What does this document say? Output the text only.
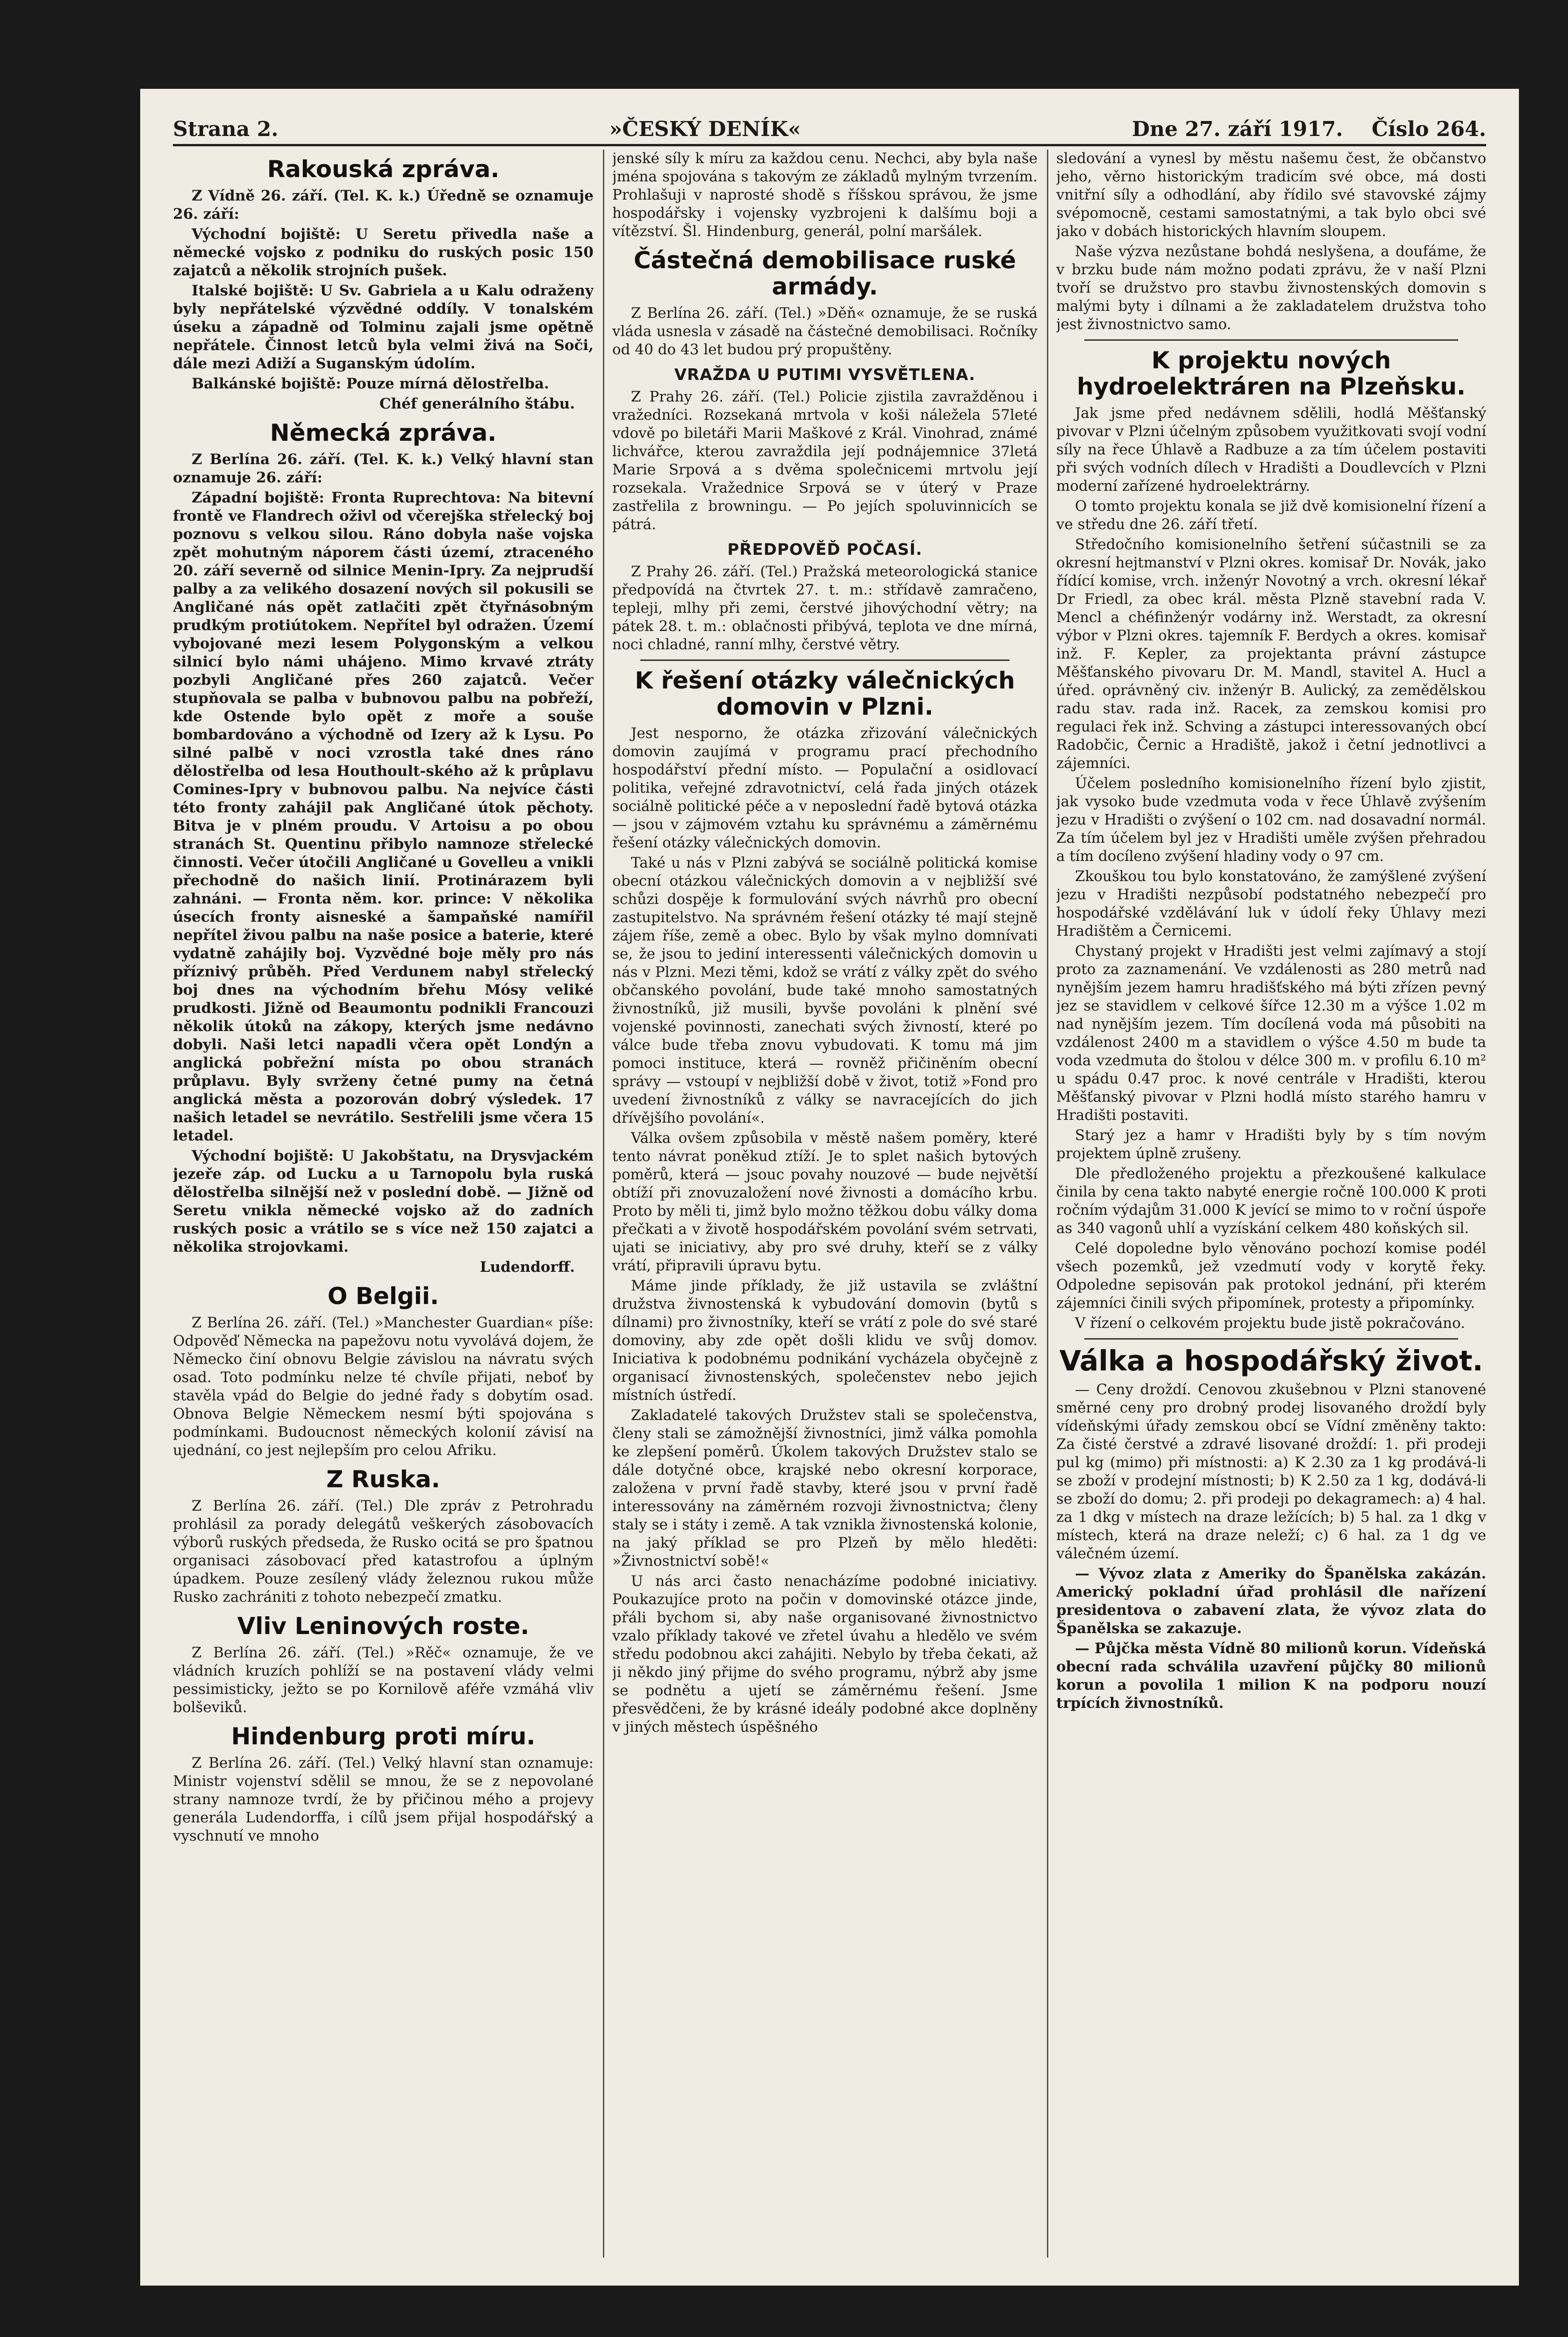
Strana 2.	»ČESKÝ DENÍK«	Dne 27. září 1917. Číslo 264.
Rakouská zpráva.

Z Vídně 26. září. (Tel. K. k.) Úředně se oznamuje 26. září:

Východní bojiště: U Seretu přivedla naše a německé vojsko z podniku do ruských posic 150 zajatců a několik strojních pušek.

Italské bojiště: U Sv. Gabriela a u Kalu odraženy byly nepřátelské výzvědné oddíly. V tonalském úseku a západně od Tolminu zajali jsme opětně nepřátele. Činnost letců byla velmi živá na Soči, dále mezi Adiží a Suganským údolím.

Balkánské bojiště: Pouze mírná dělostřelba.

Chéf generálního štábu.

Německá zpráva.

Z Berlína 26. září. (Tel. K. k.) Velký hlavní stan oznamuje 26. září:

Západní bojiště: Fronta Ruprechtova: Na bitevní frontě ve Flandrech oživl od včerejška střelecký boj poznovu s velkou silou. Ráno dobyla naše vojska zpět mohutným náporem části území, ztraceného 20. září severně od silnice Menin-Ipry. Za nejprudší palby a za velikého dosazení nových sil pokusili se Angličané nás opět zatlačiti zpět čtyřnásobným prudkým protiútokem. Nepřítel byl odražen. Území vybojované mezi lesem Polygonským a velkou silnicí bylo námi uhájeno. Mimo krvavé ztráty pozbyli Angličané přes 260 zajatců. Večer stupňovala se palba v bubnovou palbu na pobřeží, kde Ostende bylo opět z moře a souše bombardováno a východně od Izery až k Lysu. Po silné palbě v noci vzrostla také dnes ráno dělostřelba od lesa Houthoult-ského až k průplavu Comines-Ipry v bubnovou palbu. Na nejvíce části této fronty zahájil pak Angličané útok pěchoty. Bitva je v plném proudu. V Artoisu a po obou stranách St. Quentinu přibylo namnoze střelecké činnosti. Večer útočili Angličané u Govelleu a vnikli přechodně do našich linií. Protinárazem byli zahnáni. — Fronta něm. kor. prince: V několika úsecích fronty aisneské a šampaňské namířil nepřítel živou palbu na naše posice a baterie, které vydatně zahájily boj. Vyzvědné boje měly pro nás příznivý průběh. Před Verdunem nabyl střelecký boj dnes na východním břehu Mósy veliké prudkosti. Jižně od Beaumontu podnikli Francouzi několik útoků na zákopy, kterých jsme nedávno dobyli. Naši letci napadli včera opět Londýn a anglická pobřežní místa po obou stranách průplavu. Byly svrženy četné pumy na četná anglická města a pozorován dobrý výsledek. 17 našich letadel se nevrátilo. Sestřelili jsme včera 15 letadel.

Východní bojiště: U Jakobštatu, na Drysvjackém jezeře záp. od Lucku a u Tarnopolu byla ruská dělostřelba silnější než v poslední době. — Jižně od Seretu vnikla německé vojsko až do zadních ruských posic a vrátilo se s více než 150 zajatci a několika strojovkami.

Ludendorff.

O Belgii.

Z Berlína 26. září. (Tel.) »Manchester Guardian« píše: Odpověď Německa na papežovu notu vyvolává dojem, že Německo činí obnovu Belgie závislou na návratu svých osad. Toto podmínku nelze té chvíle přijati, neboť by stavěla vpád do Belgie do jedné řady s dobytím osad. Obnova Belgie Německem nesmí býti spojována s podmínkami. Budoucnost německých kolonií závisí na ujednání, co jest nejlepším pro celou Afriku.

Z Ruska.

Z Berlína 26. září. (Tel.) Dle zpráv z Petrohradu prohlásil za porady delegátů veškerých zásobovacích výborů ruských předseda, že Rusko ocitá se pro špatnou organisaci zásobovací před katastrofou a úplným úpadkem. Pouze zesílený vlády železnou rukou může Rusko zachrániti z tohoto nebezpečí zmatku.

Vliv Leninových roste.

Z Berlína 26. září. (Tel.) »Rěč« oznamuje, že ve vládních kruzích pohlíží se na postavení vlády velmi pessimisticky, ježto se po Kornilově aféře vzmáhá vliv bolševiků.

Hindenburg proti míru.

Z Berlína 26. září. (Tel.) Velký hlavní stan oznamuje: Ministr vojenství sdělil se mnou, že se z nepovolané strany namnoze tvrdí, že by přičinou mého a projevy generála Ludendorffa, i cílů jsem přijal hospodářský a vyschnutí ve mnoho

jenské síly k míru za každou cenu. Nechci, aby byla naše jména spojována s takovým ze základů mylným tvrzením. Prohlašuji v naprosté shodě s říšskou správou, že jsme hospodářsky i vojensky vyzbrojeni k dalšímu boji a vítězství. Šl. Hindenburg, generál, polní maršálek.

Částečná demobilisace ruské armády.

Z Berlína 26. září. (Tel.) »Děň« oznamuje, že se ruská vláda usnesla v zásadě na částečné demobilisaci. Ročníky od 40 do 43 let budou prý propuštěny.

VRAŽDA U PUTIMI VYSVĚTLENA.

Z Prahy 26. září. (Tel.) Policie zjistila zavražděnou i vražedníci. Rozsekaná mrtvola v koši náležela 57leté vdově po biletáři Marii Maškové z Král. Vinohrad, známé lichvářce, kterou zavraždila její podnájemnice 37letá Marie Srpová a s dvěma společnicemi mrtvolu její rozsekala. Vražednice Srpová se v úterý v Praze zastřelila z browningu. — Po jejích spoluvinnicích se pátrá.

PŘEDPOVĚĎ POČASÍ.

Z Prahy 26. září. (Tel.) Pražská meteorologická stanice předpovídá na čtvrtek 27. t. m.: střídavě zamračeno, tepleji, mlhy při zemi, čerstvé jihovýchodní větry; na pátek 28. t. m.: oblačnosti přibývá, teplota ve dne mírná, noci chladné, ranní mlhy, čerstvé větry.

K řešení otázky válečnických domovin v Plzni.

Jest nesporno, že otázka zřizování válečnických domovin zaujímá v programu prací přechodního hospodářství přední místo. — Populační a osidlovací politika, veřejné zdravotnictví, celá řada jiných otázek sociálně politické péče a v neposlední řadě bytová otázka — jsou v zájmovém vztahu ku správnému a záměrnému řešení otázky válečnických domovin.

Také u nás v Plzni zabývá se sociálně politická komise obecní otázkou válečnických domovin a v nejbližší své schůzi dospěje k formulování svých návrhů pro obecní zastupitelstvo. Na správném řešení otázky té mají stejně zájem říše, země a obec. Bylo by však mylno domnívati se, že jsou to jediní interessenti válečnických domovin u nás v Plzni. Mezi těmi, kdož se vrátí z války zpět do svého občanského povolání, bude také mnoho samostatných živnostníků, již musili, byvše povoláni k plnění své vojenské povinnosti, zanechati svých živností, které po válce bude třeba znovu vybudovati. K tomu má jim pomoci instituce, která — rovněž přičiněním obecní správy — vstoupí v nejbližší době v život, totiž »Fond pro uvedení živnostníků z války se navracejících do jich dřívějšího povolání«.

Válka ovšem způsobila v městě našem poměry, které tento návrat poněkud ztíží. Je to splet našich bytových poměrů, která — jsouc povahy nouzové — bude největší obtíží při znovuzaložení nové živnosti a domácího krbu. Proto by měli ti, jimž bylo možno těžkou dobu války doma přečkati a v životě hospodářském povolání svém setrvati, ujati se iniciativy, aby pro své druhy, kteří se z války vrátí, připravili úpravu bytu.

Máme jinde příklady, že již ustavila se zvláštní družstva živnostenská k vybudování domovin (bytů s dílnami) pro živnostníky, kteří se vrátí z pole do své staré domoviny, aby zde opět došli klidu ve svůj domov. Iniciativa k podobnému podnikání vycházela obyčejně z organisací živnostenských, společenstev nebo jejich místních ústředí.

Zakladatelé takových Družstev stali se společenstva, členy stali se zámožnější živnostníci, jimž válka pomohla ke zlepšení poměrů. Úkolem takových Družstev stalo se dále dotyčné obce, krajské nebo okresní korporace, založena v první řadě stavby, které jsou v první řadě interessovány na záměrném rozvoji živnostnictva; členy staly se i státy i země. A tak vznikla živnostenská kolonie, na jaký příklad se pro Plzeň by mělo hleděti: »Živnostnictví sobě!«

U nás arci často nenacházíme podobné iniciativy. Poukazujíce proto na počin v domovinské otázce jinde, přáli bychom si, aby naše organisované živnostnictvo vzalo příklady takové ve zřetel úvahu a hledělo ve svém středu podobnou akci zahájiti. Nebylo by třeba čekati, až ji někdo jiný přijme do svého programu, nýbrž aby jsme se podnětu a ujetí se záměrnému řešení. Jsme přesvědčeni, že by krásné ideály podobné akce doplněny v jiných městech úspěšného

sledování a vynesl by městu našemu čest, že občanstvo jeho, věrno historickým tradicím své obce, má dosti vnitřní síly a odhodlání, aby řídilo své stavovské zájmy svépomocně, cestami samostatnými, a tak bylo obci své jako v dobách historických hlavním sloupem.

Naše výzva nezůstane bohdá neslyšena, a doufáme, že v brzku bude nám možno podati zprávu, že v naší Plzni tvoří se družstvo pro stavbu živnostenských domovin s malými byty i dílnami a že zakladatelem družstva toho jest živnostnictvo samo.

K projektu nových hydroelektráren na Plzeňsku.

Jak jsme před nedávnem sdělili, hodlá Měšťanský pivovar v Plzni účelným způsobem využitkovati svojí vodní síly na řece Úhlavě a Radbuze a za tím účelem postaviti při svých vodních dílech v Hradišti a Doudlevcích v Plzni moderní zařízené hydroelektrárny.

O tomto projektu konala se již dvě komisionelní řízení a ve středu dne 26. září třetí.

Středočního komisionelního šetření súčastnili se za okresní hejtmanství v Plzni okres. komisař Dr. Novák, jako řídící komise, vrch. inženýr Novotný a vrch. okresní lékař Dr Friedl, za obec král. města Plzně stavební rada V. Mencl a chéfinženýr vodárny inž. Werstadt, za okresní výbor v Plzni okres. tajemník F. Berdych a okres. komisař inž. F. Kepler, za projektanta právní zástupce Měšťanského pivovaru Dr. M. Mandl, stavitel A. Hucl a úřed. oprávněný civ. inženýr B. Aulický, za zemědělskou radu stav. rada inž. Racek, za zemskou komisi pro regulaci řek inž. Schving a zástupci interessovaných obcí Radobčic, Černic a Hradiště, jakož i četní jednotlivci a zájemníci.

Účelem posledního komisionelního řízení bylo zjistit, jak vysoko bude vzedmuta voda v řece Úhlavě zvýšením jezu v Hradišti o zvýšení o 102 cm. nad dosavadní normál. Za tím účelem byl jez v Hradišti uměle zvýšen přehradou a tím docíleno zvýšení hladiny vody o 97 cm.

Zkouškou tou bylo konstatováno, že zamýšlené zvýšení jezu v Hradišti nezpůsobí podstatného nebezpečí pro hospodářské vzdělávání luk v údolí řeky Úhlavy mezi Hradištěm a Černicemi.

Chystaný projekt v Hradišti jest velmi zajímavý a stojí proto za zaznamenání. Ve vzdálenosti as 280 metrů nad nynějším jezem hamru hradišťského má býti zřízen pevný jez se stavidlem v celkové šířce 12.30 m a výšce 1.02 m nad nynějším jezem. Tím docílená voda má působiti na vzdálenost 2400 m a stavidlem o výšce 4.50 m bude ta voda vzedmuta do štolou v délce 300 m. v profilu 6.10 m² u spádu 0.47 proc. k nové centrále v Hradišti, kterou Měšťanský pivovar v Plzni hodlá místo starého hamru v Hradišti postaviti.

Starý jez a hamr v Hradišti byly by s tím novým projektem úplně zrušeny.

Dle předloženého projektu a přezkoušené kalkulace činila by cena takto nabyté energie ročně 100.000 K proti ročním výdajům 31.000 K jevící se mimo to v roční úspoře as 340 vagonů uhlí a vyzískání celkem 480 koňských sil.

Celé dopoledne bylo věnováno pochozí komise podél všech pozemků, jež vzedmutí vody v korytě řeky. Odpoledne sepisován pak protokol jednání, při kterém zájemníci činili svých připomínek, protesty a připomínky.

V řízení o celkovém projektu bude jistě pokračováno.

Válka a hospodářský život.

— Ceny droždí. Cenovou zkušebnou v Plzni stanovené směrné ceny pro drobný prodej lisovaného droždí byly vídeňskými úřady zemskou obcí se Vídní změněny takto: Za čisté čerstvé a zdravé lisované droždí: 1. při prodeji pul kg (mimo) při místnosti: a) K 2.30 za 1 kg prodává-li se zboží v prodejní místnosti; b) K 2.50 za 1 kg, dodává-li se zboží do domu; 2. při prodeji po dekagramech: a) 4 hal. za 1 dkg v místech na draze ležících; b) 5 hal. za 1 dkg v místech, která na draze neleží; c) 6 hal. za 1 dg ve válečném území.

— Vývoz zlata z Ameriky do Španělska zakázán. Americký pokladní úřad prohlásil dle nařízení presidentova o zabavení zlata, že vývoz zlata do Španělska se zakazuje.

— Půjčka města Vídně 80 milionů korun. Vídeňská obecní rada schválila uzavření půjčky 80 milionů korun a povolila 1 milion K na podporu nouzí trpících živnostníků.
